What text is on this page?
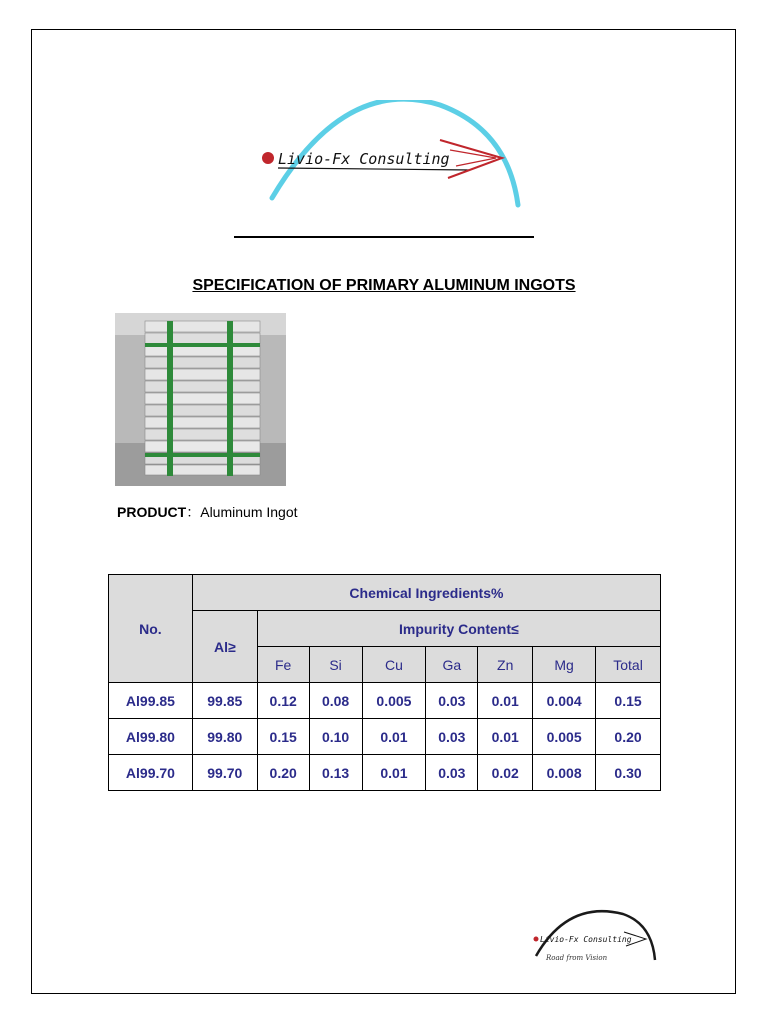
Livio-Fx Consulting
SPECIFICATION OF PRIMARY ALUMINUM INGOTS
PRODUCT：Aluminum Ingot
No.	Chemical Ingredients%							
	Al≥	Impurity Content≤						
		Fe	Si	Cu	Ga	Zn	Mg	Total
Al99.85	99.85	0.12	0.08	0.005	0.03	0.01	0.004	0.15
Al99.80	99.80	0.15	0.10	0.01	0.03	0.01	0.005	0.20
Al99.70	99.70	0.20	0.13	0.01	0.03	0.02	0.008	0.30
Livio-Fx Consulting
Road from Vision
